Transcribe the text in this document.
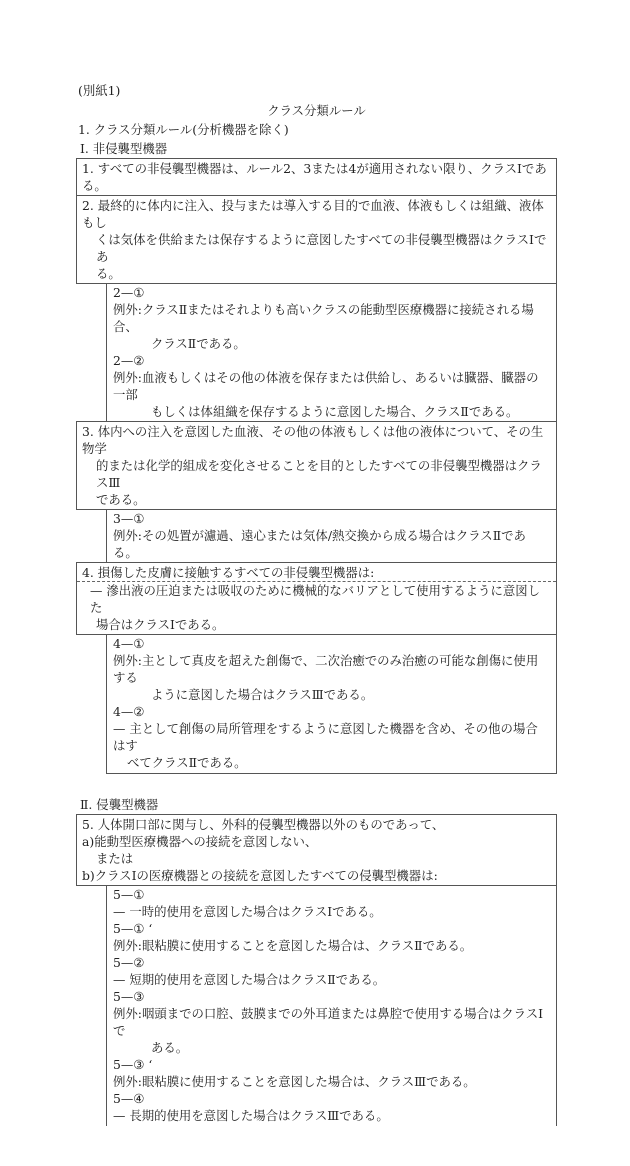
(別紙1)
クラス分類ルール
1. クラス分類ルール(分析機器を除く)
Ⅰ. 非侵襲型機器
1. すべての非侵襲型機器は、ルール2、3または4が適用されない限り、クラスⅠである。
2. 最終的に体内に注入、投与または導入する目的で血液、体液もしくは組織、液体もし
くは気体を供給または保存するように意図したすべての非侵襲型機器はクラスⅠであ
る。
2—①
例外:クラスⅡまたはそれよりも高いクラスの能動型医療機器に接続される場合、
クラスⅡである。
2—②
例外:血液もしくはその他の体液を保存または供給し、あるいは臓器、臓器の一部
もしくは体組織を保存するように意図した場合、クラスⅡである。
3. 体内への注入を意図した血液、その他の体液もしくは他の液体について、その生物学
的または化学的組成を変化させることを目的としたすべての非侵襲型機器はクラスⅢ
である。
3—①
例外:その処置が濾過、遠心または気体/熱交換から成る場合はクラスⅡである。
4. 損傷した皮膚に接触するすべての非侵襲型機器は:
— 滲出液の圧迫または吸収のために機械的なバリアとして使用するように意図した
場合はクラスⅠである。
4—①
例外:主として真皮を超えた創傷で、二次治癒でのみ治癒の可能な創傷に使用する
ように意図した場合はクラスⅢである。
4—②
— 主として創傷の局所管理をするように意図した機器を含め、その他の場合はす
べてクラスⅡである。
Ⅱ. 侵襲型機器
5. 人体開口部に関与し、外科的侵襲型機器以外のものであって、
a)能動型医療機器への接続を意図しない、
または
b)クラスⅠの医療機器との接続を意図したすべての侵襲型機器は:
5—①
— 一時的使用を意図した場合はクラスⅠである。
5—① ‘
例外:眼粘膜に使用することを意図した場合は、クラスⅡである。
5—②
— 短期的使用を意図した場合はクラスⅡである。
5—③
例外:咽頭までの口腔、鼓膜までの外耳道または鼻腔で使用する場合はクラスⅠで
ある。
5—③ ‘
例外:眼粘膜に使用することを意図した場合は、クラスⅢである。
5—④
— 長期的使用を意図した場合はクラスⅢである。
